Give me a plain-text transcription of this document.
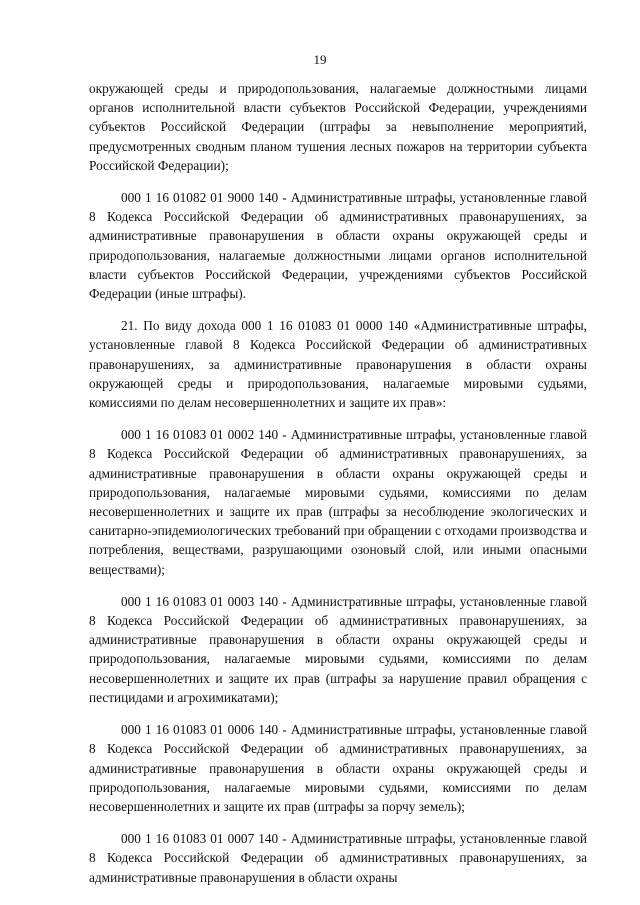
19

окружающей среды и природопользования, налагаемые должностными лицами органов исполнительной власти субъектов Российской Федерации, учреждениями субъектов Российской Федерации (штрафы за невыполнение мероприятий, предусмотренных сводным планом тушения лесных пожаров на территории субъекта Российской Федерации);

000 1 16 01082 01 9000 140 - Административные штрафы, установленные главой 8 Кодекса Российской Федерации об административных правонарушениях, за административные правонарушения в области охраны окружающей среды и природопользования, налагаемые должностными лицами органов исполнительной власти субъектов Российской Федерации, учреждениями субъектов Российской Федерации (иные штрафы).

21. По виду дохода 000 1 16 01083 01 0000 140 «Административные штрафы, установленные главой 8 Кодекса Российской Федерации об административных правонарушениях, за административные правонарушения в области охраны окружающей среды и природопользования, налагаемые мировыми судьями, комиссиями по делам несовершеннолетних и защите их прав»:

000 1 16 01083 01 0002 140 - Административные штрафы, установленные главой 8 Кодекса Российской Федерации об административных правонарушениях, за административные правонарушения в области охраны окружающей среды и природопользования, налагаемые мировыми судьями, комиссиями по делам несовершеннолетних и защите их прав (штрафы за несоблюдение экологических и санитарно-эпидемиологических требований при обращении с отходами производства и потребления, веществами, разрушающими озоновый слой, или иными опасными веществами);

000 1 16 01083 01 0003 140 - Административные штрафы, установленные главой 8 Кодекса Российской Федерации об административных правонарушениях, за административные правонарушения в области охраны окружающей среды и природопользования, налагаемые мировыми судьями, комиссиями по делам несовершеннолетних и защите их прав (штрафы за нарушение правил обращения с пестицидами и агрохимикатами);

000 1 16 01083 01 0006 140 - Административные штрафы, установленные главой 8 Кодекса Российской Федерации об административных правонарушениях, за административные правонарушения в области охраны окружающей среды и природопользования, налагаемые мировыми судьями, комиссиями по делам несовершеннолетних и защите их прав (штрафы за порчу земель);

000 1 16 01083 01 0007 140 - Административные штрафы, установленные главой 8 Кодекса Российской Федерации об административных правонарушениях, за административные правонарушения в области охраны
